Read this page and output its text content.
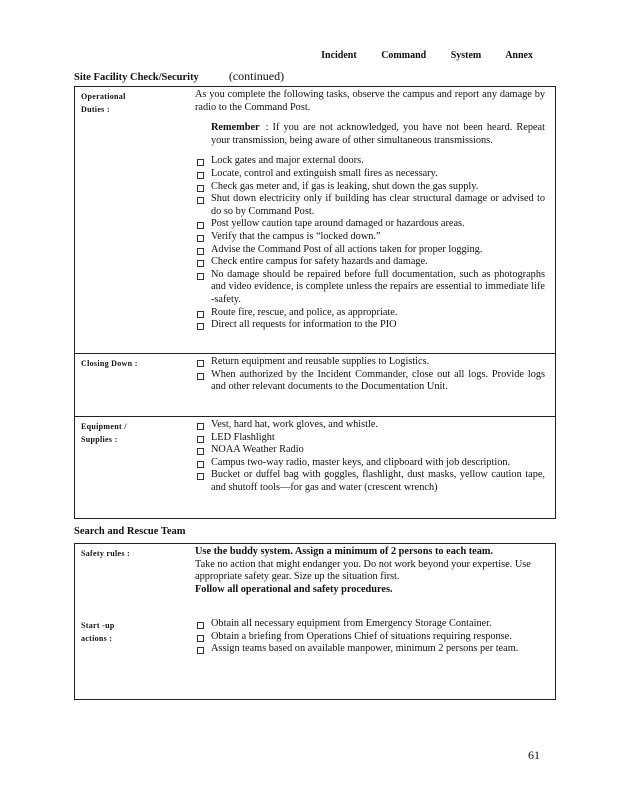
Incident Command System Annex
Site Facility Check/Security	(continued)
Operational
Duties :
As you complete the following tasks, observe the campus and report any damage by radio to the Command Post.
Remember : If you are not acknowledged, you have not been heard. Repeat your transmission, being aware of other simultaneous transmissions.
Lock gates and major external doors.
Locate, control and extinguish small fires as necessary.
Check gas meter and, if gas is leaking, shut down the gas supply.
Shut down electricity only if building has clear structural damage or advised to do so by Command Post.
Post yellow caution tape around damaged or hazardous areas.
Verify that the campus is “locked down.”
Advise the Command Post of all actions taken for proper logging.
Check entire campus for safety hazards and damage.
No damage should be repaired before full documentation, such as photographs and video evidence, is complete unless the repairs are essential to immediate life -safety.
Route fire, rescue, and police, as appropriate.
Direct all requests for information to the PIO
Closing Down :	Return equipment and reusable supplies to Logistics.
When authorized by the Incident Commander, close out all logs. Provide logs and other relevant documents to the Documentation Unit.
Equipment /
Supplies :
Vest, hard hat, work gloves, and whistle.
LED Flashlight
NOAA Weather Radio
Campus two-way radio, master keys, and clipboard with job description.
Bucket or duffel bag with goggles, flashlight, dust masks, yellow caution tape, and shutoff tools—for gas and water (crescent wrench)
Search and Rescue Team
Safety rules :	Use the buddy system. Assign a minimum of 2 persons to each team.
Take no action that might endanger you. Do not work beyond your expertise. Use appropriate safety gear. Size up the situation first.
Follow all operational and safety procedures.
Start -up
actions :
Obtain all necessary equipment from Emergency Storage Container.
Obtain a briefing from Operations Chief of situations requiring response.
Assign teams based on available manpower, minimum 2 persons per team.
61
